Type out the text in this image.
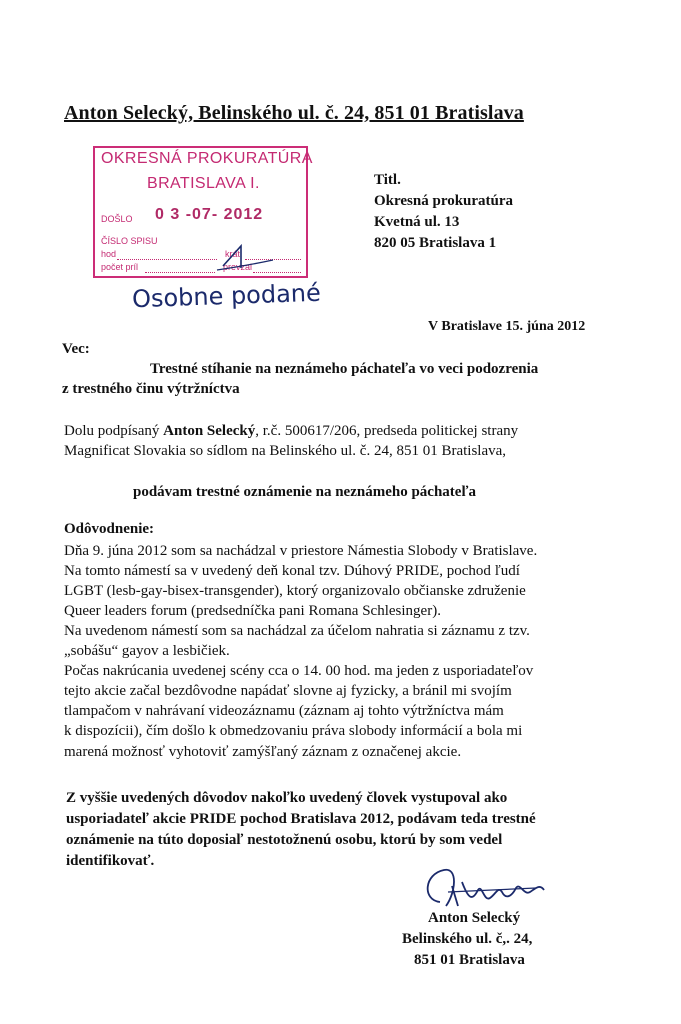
Anton Selecký, Belinského ul. č. 24, 851 01 Bratislava
OKRESNÁ PROKURATÚRA
BRATISLAVA I.
DOŠLO 0 3 -07- 2012
ČÍSLO SPISU
hod	krát
počet príl	prevzal
Osobne podané
Titl.
Okresná prokuratúra
Kvetná ul. 13
820 05 Bratislava 1
V Bratislave 15. júna 2012
Vec:
Trestné stíhanie na neznámeho páchateľa vo veci podozrenia
z trestného činu výtržníctva
Dolu podpísaný Anton Selecký, r.č. 500617/206, predseda politickej strany
Magnificat Slovakia so sídlom na Belinského ul. č. 24, 851 01 Bratislava,
podávam trestné oznámenie na neznámeho páchateľa
Odôvodnenie:
Dňa 9. júna 2012 som sa nachádzal v priestore Námestia Slobody v Bratislave.
Na tomto námestí sa v uvedený deň konal tzv. Dúhový PRIDE, pochod ľudí
LGBT (lesb-gay-bisex-transgender), ktorý organizovalo občianske združenie
Queer leaders forum (predsedníčka pani Romana Schlesinger).
Na uvedenom námestí som sa nachádzal za účelom nahratia si záznamu z tzv.
„sobášu“ gayov a lesbičiek.
Počas nakrúcania uvedenej scény cca o 14. 00 hod. ma jeden z usporiadateľov
tejto akcie začal bezdôvodne napádať slovne aj fyzicky, a bránil mi svojím
tlampačom v nahrávaní videozáznamu (záznam aj tohto výtržníctva mám
k dispozícii), čím došlo k obmedzovaniu práva slobody informácií a bola mi
marená možnosť vyhotoviť zamýšľaný záznam z označenej akcie.
Z vyššie uvedených dôvodov nakoľko uvedený človek vystupoval ako
usporiadateľ akcie PRIDE pochod Bratislava 2012, podávam teda trestné
oznámenie na túto doposiaľ nestotožnenú osobu, ktorú by som vedel
identifikovať.
Anton Selecký
Belinského ul. č,. 24,
851 01 Bratislava
